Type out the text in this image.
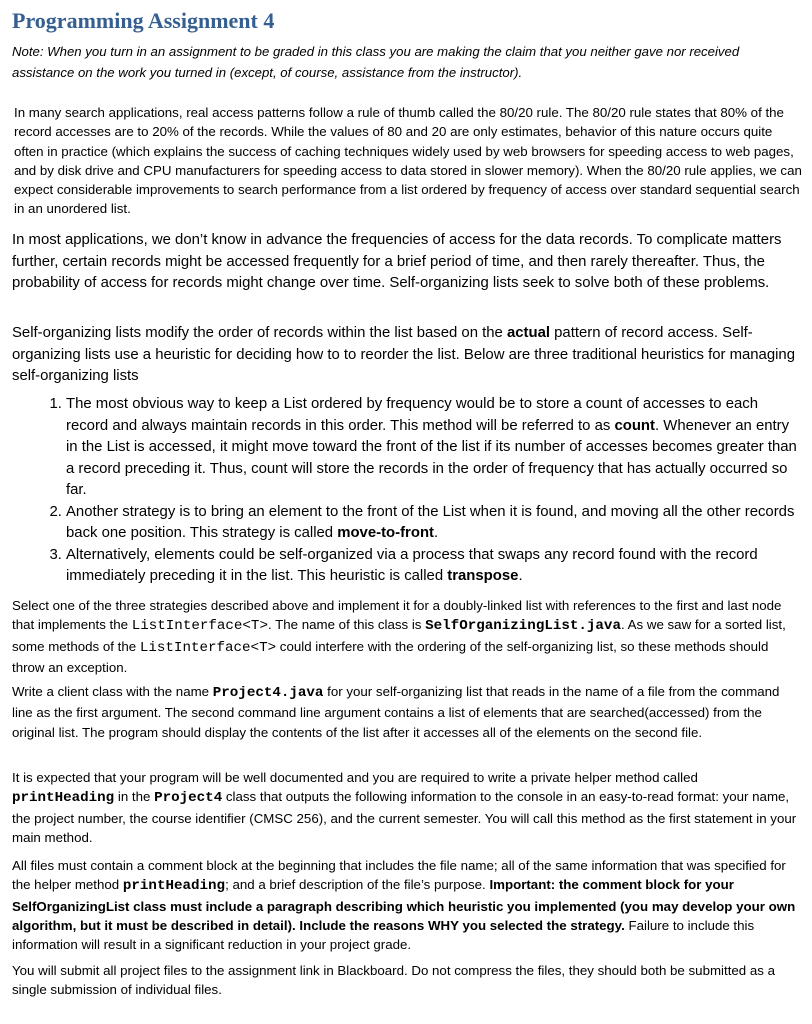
Programming Assignment 4

Note: When you turn in an assignment to be graded in this class you are making the claim that you neither gave nor received assistance on the work you turned in (except, of course, assistance from the instructor).

In many search applications, real access patterns follow a rule of thumb called the 80/20 rule. The 80/20 rule states that 80% of the record accesses are to 20% of the records. While the values of 80 and 20 are only estimates, behavior of this nature occurs quite often in practice (which explains the success of caching techniques widely used by web browsers for speeding access to web pages, and by disk drive and CPU manufacturers for speeding access to data stored in slower memory). When the 80/20 rule applies, we can expect considerable improvements to search performance from a list ordered by frequency of access over standard sequential search in an unordered list.

In most applications, we don’t know in advance the frequencies of access for the data records. To complicate matters further, certain records might be accessed frequently for a brief period of time, and then rarely thereafter. Thus, the probability of access for records might change over time. Self-organizing lists seek to solve both of these problems.

Self-organizing lists modify the order of records within the list based on the actual pattern of record access. Self-organizing lists use a heuristic for deciding how to to reorder the list. Below are three traditional heuristics for managing self-organizing lists

1. The most obvious way to keep a List ordered by frequency would be to store a count of accesses to each record and always maintain records in this order. This method will be referred to as count. Whenever an entry in the List is accessed, it might move toward the front of the list if its number of accesses becomes greater than a record preceding it. Thus, count will store the records in the order of frequency that has actually occurred so far.
2. Another strategy is to bring an element to the front of the List when it is found, and moving all the other records back one position. This strategy is called move-to-front.
3. Alternatively, elements could be self-organized via a process that swaps any record found with the record immediately preceding it in the list. This heuristic is called transpose.

Select one of the three strategies described above and implement it for a doubly-linked list with references to the first and last node that implements the ListInterface<T>. The name of this class is SelfOrganizingList.java. As we saw for a sorted list, some methods of the ListInterface<T> could interfere with the ordering of the self-organizing list, so these methods should throw an exception.

Write a client class with the name Project4.java for your self-organizing list that reads in the name of a file from the command line as the first argument. The second command line argument contains a list of elements that are searched(accessed) from the original list. The program should display the contents of the list after it accesses all of the elements on the second file.

It is expected that your program will be well documented and you are required to write a private helper method called printHeading in the Project4 class that outputs the following information to the console in an easy-to-read format: your name, the project number, the course identifier (CMSC 256), and the current semester. You will call this method as the first statement in your main method.

All files must contain a comment block at the beginning that includes the file name; all of the same information that was specified for the helper method printHeading; and a brief description of the file’s purpose. Important: the comment block for your SelfOrganizingList class must include a paragraph describing which heuristic you implemented (you may develop your own algorithm, but it must be described in detail). Include the reasons WHY you selected the strategy. Failure to include this information will result in a significant reduction in your project grade.

You will submit all project files to the assignment link in Blackboard. Do not compress the files, they should both be submitted as a single submission of individual files.
